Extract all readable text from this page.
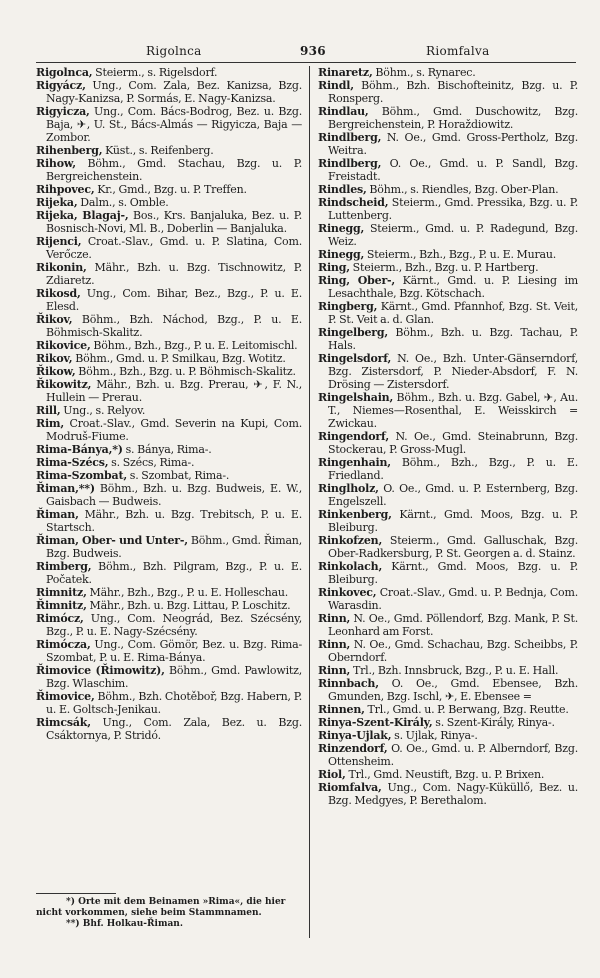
Rigolnca	936	Riomfalva

Rigolnca, Steierm., s. Rigelsdorf.

Rigyácz, Ung., Com. Zala, Bez. Kanizsa, Bzg. Nagy-Kanizsa, P. Sormás, E. Nagy-Kanizsa.

Rigyicza, Ung., Com. Bács-Bodrog, Bez. u. Bzg. Baja, ✈, U. St., Bács-Almás — Rigyicza, Baja — Zombor.

Rihenberg, Küst., s. Reifenberg.

Rihow, Böhm., Gmd. Stachau, Bzg. u. P. Bergreichenstein.

Rihpovec, Kr., Gmd., Bzg. u. P. Treffen.

Rijeka, Dalm., s. Omble.

Rijeka, Blagaj-, Bos., Krs. Banjaluka, Bez. u. P. Bosnisch-Novi, Ml. B., Doberlin — Banjaluka.

Rijenci, Croat.-Slav., Gmd. u. P. Slatina, Com. Verőcze.

Rikonin, Mähr., Bzh. u. Bzg. Tischnowitz, P. Zdiaretz.

Rikosd, Ung., Com. Bihar, Bez., Bzg., P. u. E. Elesd.

Řikov, Böhm., Bzh. Náchod, Bzg., P. u. E. Böhmisch-Skalitz.

Rikovice, Böhm., Bzh., Bzg., P. u. E. Leitomischl.

Rikov, Böhm., Gmd. u. P. Smilkau, Bzg. Wotitz.

Řikow, Böhm., Bzh., Bzg. u. P. Böhmisch-Skalitz.

Řikowitz, Mähr., Bzh. u. Bzg. Prerau, ✈, F. N., Hullein — Prerau.

Rill, Ung., s. Relyov.

Rim, Croat.-Slav., Gmd. Severin na Kupi, Com. Modruš-Fiume.

Rima-Bánya,*) s. Bánya, Rima-.

Rima-Szécs, s. Szécs, Rima-.

Rima-Szombat, s. Szombat, Rima-.

Řiman,**) Böhm., Bzh. u. Bzg. Budweis, E. W., Gaisbach — Budweis.

Řiman, Mähr., Bzh. u. Bzg. Trebitsch, P. u. E. Startsch.

Řiman, Ober- und Unter-, Böhm., Gmd. Řiman, Bzg. Budweis.

Rimberg, Böhm., Bzh. Pilgram, Bzg., P. u. E. Počatek.

Rimnitz, Mähr., Bzh., Bzg., P. u. E. Holleschau.

Řimnitz, Mähr., Bzh. u. Bzg. Littau, P. Loschitz.

Rimócz, Ung., Com. Neográd, Bez. Szécsény, Bzg., P. u. E. Nagy-Szécsény.

Rimócza, Ung., Com. Gömör, Bez. u. Bzg. Rima-Szombat, P. u. E. Rima-Bánya.

Řimovice (Řimowitz), Böhm., Gmd. Pawlowitz, Bzg. Wlaschim.

Řimovice, Böhm., Bzh. Chotěboř, Bzg. Habern, P. u. E. Goltsch-Jenikau.

Rimcsák, Ung., Com. Zala, Bez. u. Bzg. Csáktornya, P. Stridó.

Rinaretz, Böhm., s. Rynarec.

Rindl, Böhm., Bzh. Bischofteinitz, Bzg. u. P. Ronsperg.

Rindlau, Böhm., Gmd. Duschowitz, Bzg. Bergreichenstein, P. Horaždiowitz.

Rindlberg, N. Oe., Gmd. Gross-Pertholz, Bzg. Weitra.

Rindlberg, O. Oe., Gmd. u. P. Sandl, Bzg. Freistadt.

Rindles, Böhm., s. Riendles, Bzg. Ober-Plan.

Rindscheid, Steierm., Gmd. Pressika, Bzg. u. P. Luttenberg.

Rinegg, Steierm., Gmd. u. P. Radegund, Bzg. Weiz.

Rinegg, Steierm., Bzh., Bzg., P. u. E. Murau.

Ring, Steierm., Bzh., Bzg. u. P. Hartberg.

Ring, Ober-, Kärnt., Gmd. u. P. Liesing im Lesachthale, Bzg. Kötschach.

Ringberg, Kärnt., Gmd. Pfannhof, Bzg. St. Veit, P. St. Veit a. d. Glan.

Ringelberg, Böhm., Bzh. u. Bzg. Tachau, P. Hals.

Ringelsdorf, N. Oe., Bzh. Unter-Gänserndorf, Bzg. Zistersdorf, P. Nieder-Absdorf, F. N. Drösing — Zistersdorf.

Ringelshain, Böhm., Bzh. u. Bzg. Gabel, ✈, Au. T., Niemes—Rosenthal, E. Weisskirch = Zwickau.

Ringendorf, N. Oe., Gmd. Steinabrunn, Bzg. Stockerau, P. Gross-Mugl.

Ringenhain, Böhm., Bzh., Bzg., P. u. E. Friedland.

Ringlholz, O. Oe., Gmd. u. P. Esternberg, Bzg. Engelszell.

Rinkenberg, Kärnt., Gmd. Moos, Bzg. u. P. Bleiburg.

Rinkofzen, Steierm., Gmd. Galluschak, Bzg. Ober-Radkersburg, P. St. Georgen a. d. Stainz.

Rinkolach, Kärnt., Gmd. Moos, Bzg. u. P. Bleiburg.

Rinkovec, Croat.-Slav., Gmd. u. P. Bednja, Com. Warasdin.

Rinn, N. Oe., Gmd. Pöllendorf, Bzg. Mank, P. St. Leonhard am Forst.

Rinn, N. Oe., Gmd. Schachau, Bzg. Scheibbs, P. Oberndorf.

Rinn, Trl., Bzh. Innsbruck, Bzg., P. u. E. Hall.

Rinnbach, O. Oe., Gmd. Ebensee, Bzh. Gmunden, Bzg. Ischl, ✈, E. Ebensee =

Rinnen, Trl., Gmd. u. P. Berwang, Bzg. Reutte.

Rinya-Szent-Király, s. Szent-Király, Rinya-.

Rinya-Ujlak, s. Ujlak, Rinya-.

Rinzendorf, O. Oe., Gmd. u. P. Alberndorf, Bzg. Ottensheim.

Riol, Trl., Gmd. Neustift, Bzg. u. P. Brixen.

Riomfalva, Ung., Com. Nagy-Küküllő, Bez. u. Bzg. Medgyes, P. Berethalom.

*) Orte mit dem Beinamen »Rima«, die hier nicht vorkommen, siehe beim Stammnamen.

**) Bhf. Holkau-Řiman.
